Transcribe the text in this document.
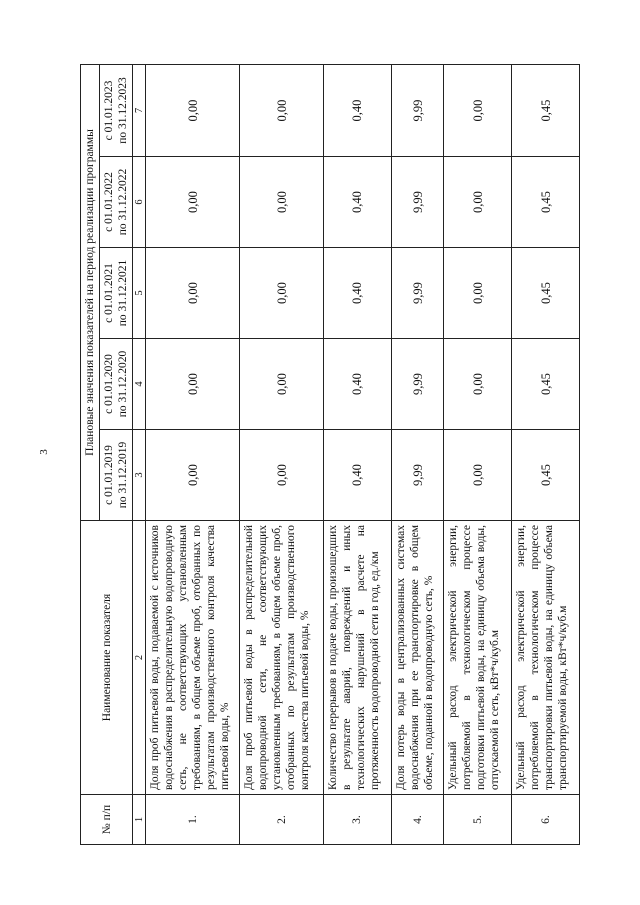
3
№ п/п	Наименование показателя	Плановые значения показателей на период реализации программы				

		с 01.01.2019 по 31.12.2019	с 01.01.2020 по 31.12.2020	с 01.01.2021 по 31.12.2021	с 01.01.2022 по 31.12.2022	с 01.01.2023 по 31.12.2023

1	2	3	4	5	6	7
1.	Доля проб питьевой воды, подаваемой с источников водоснабжения в распределительную водопроводную сеть, не соответствующих установленным требованиям, в общем объеме проб, отобранных по результатам производственного контроля качества питьевой воды, %	0,00	0,00	0,00	0,00	0,00
2.	Доля проб питьевой воды в распределительной водопроводной сети, не соответствующих установленным требованиям, в общем объеме проб, отобранных по результатам производственного контроля качества питьевой воды, %	0,00	0,00	0,00	0,00	0,00
3.	Количество перерывов в подаче воды, произошедших в результате аварий, повреждений и иных технологических нарушений в расчете на протяженность водопроводной сети в год, ед./км	0,40	0,40	0,40	0,40	0,40
4.	Доля потерь воды в централизованных системах водоснабжения при ее транспортировке в общем объеме, поданной в водопроводную сеть, %	9,99	9,99	9,99	9,99	9,99
5.	Удельный расход электрической энергии, потребляемой в технологическом процессе подготовки питьевой воды, на единицу объема воды, отпускаемой в сеть, кВт*ч/куб.м	0,00	0,00	0,00	0,00	0,00
6.	Удельный расход электрической энергии, потребляемой в технологическом процессе транспортировки питьевой воды, на единицу объема транспортируемой воды, кВт*ч/куб.м	0,45	0,45	0,45	0,45	0,45
